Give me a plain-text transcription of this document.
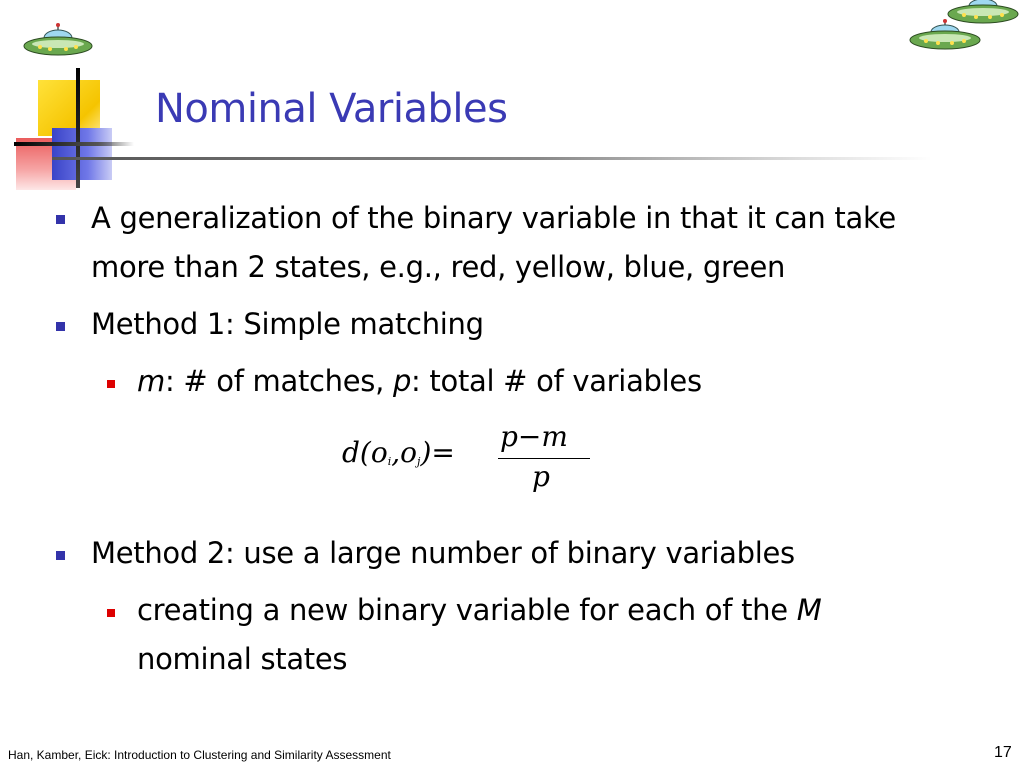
Nominal Variables
A generalization of the binary variable in that it can take
more than 2 states, e.g., red, yellow, blue, green
Method 1: Simple matching
m: # of matches, p: total # of variables
$d(o_i,o_j)= p-m$
p
Method 2: use a large number of binary variables
creating a new binary variable for each of the M
nominal states
Han, Kamber, Eick: Introduction to Clustering and Similarity Assessment	17
